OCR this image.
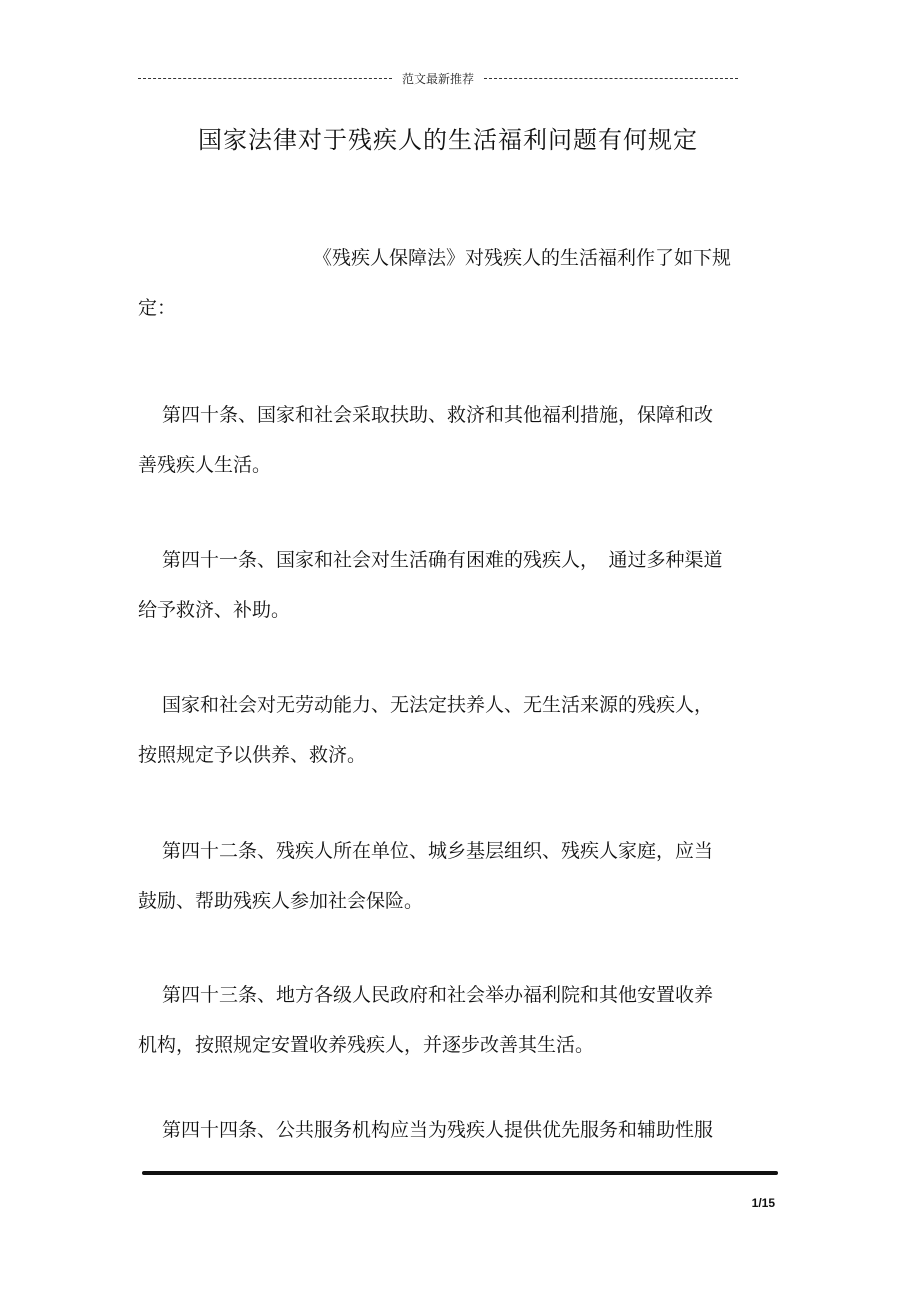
范文最新推荐
国家法律对于残疾人的生活福利问题有何规定
《残疾人保障法》对残疾人的生活福利作了如下规
定：
第四十条、国家和社会采取扶助、救济和其他福利措施，保障和改
善残疾人生活。
第四十一条、国家和社会对生活确有困难的残疾人，　通过多种渠道
给予救济、补助。
国家和社会对无劳动能力、无法定扶养人、无生活来源的残疾人，
按照规定予以供养、救济。
第四十二条、残疾人所在单位、城乡基层组织、残疾人家庭，应当
鼓励、帮助残疾人参加社会保险。
第四十三条、地方各级人民政府和社会举办福利院和其他安置收养
机构，按照规定安置收养残疾人，并逐步改善其生活。
第四十四条、公共服务机构应当为残疾人提供优先服务和辅助性服
1/15
